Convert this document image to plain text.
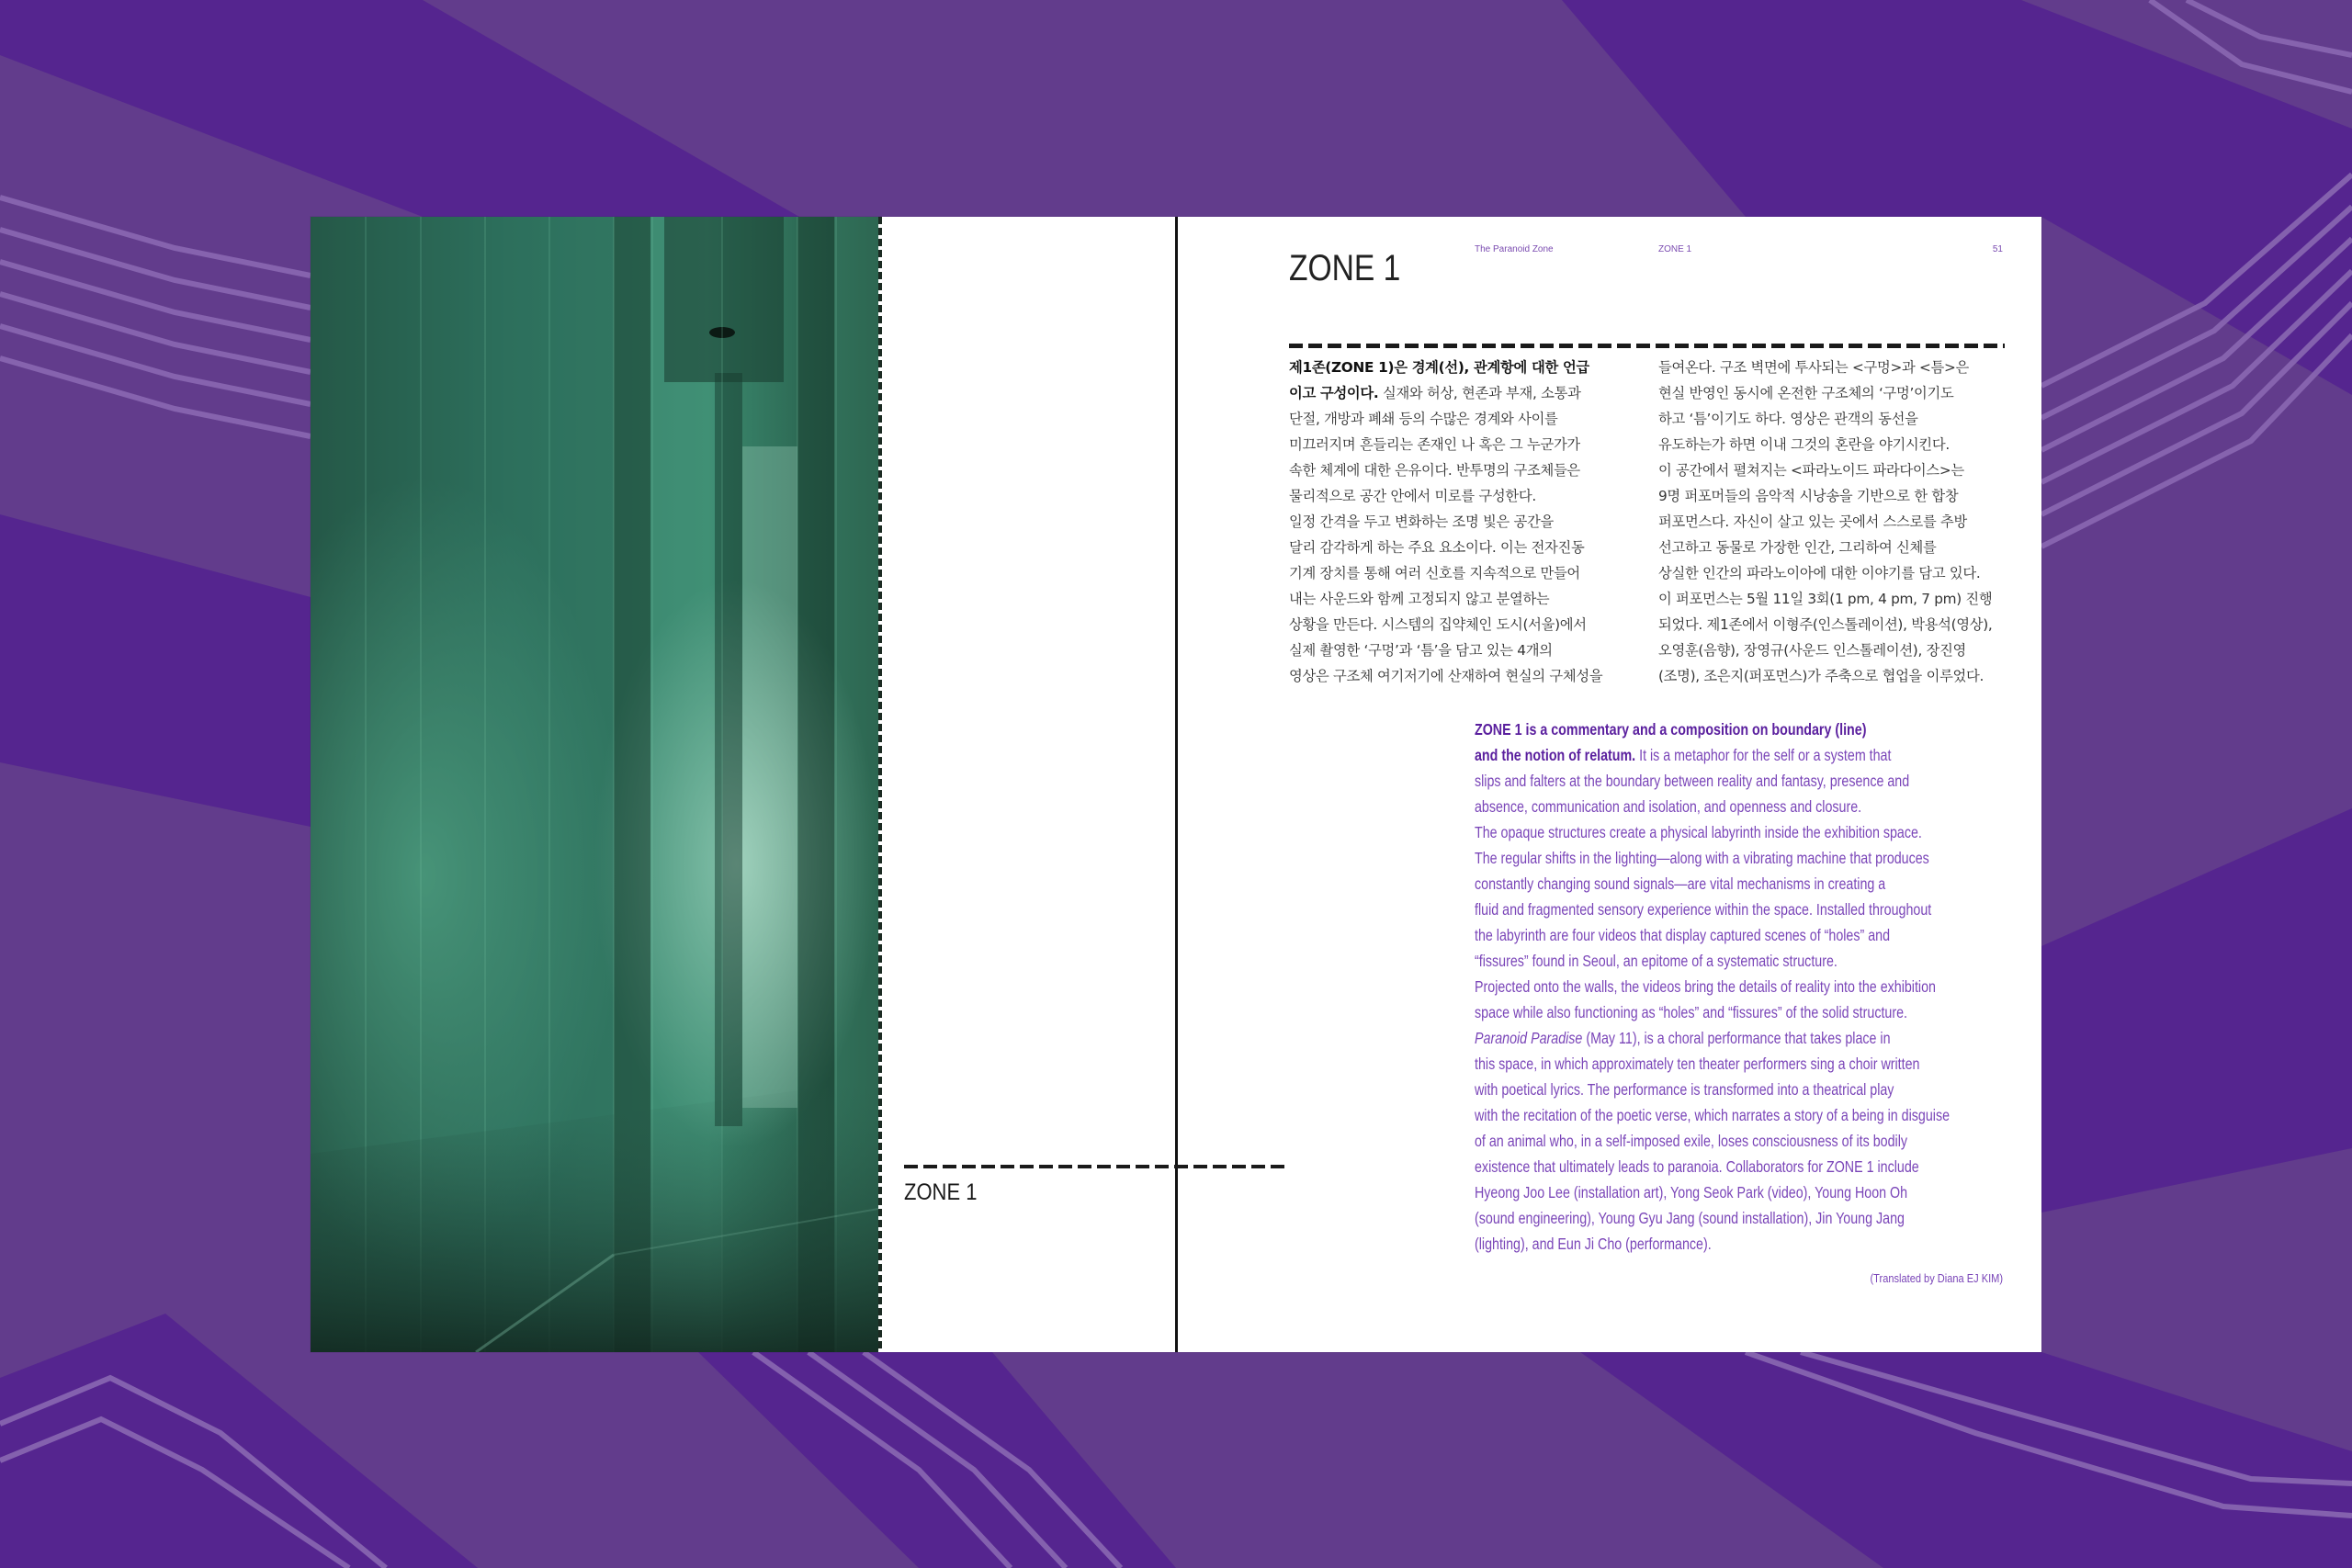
ZONE 1
The Paranoid Zone	ZONE 1	51
ZONE 1
제1존(ZONE 1)은 경계(선), 관계항에 대한 언급
이고 구성이다. 실재와 허상, 현존과 부재, 소통과
단절, 개방과 폐쇄 등의 수많은 경계와 사이를
미끄러지며 흔들리는 존재인 나 혹은 그 누군가가
속한 체계에 대한 은유이다. 반투명의 구조체들은
물리적으로 공간 안에서 미로를 구성한다.
일정 간격을 두고 변화하는 조명 빛은 공간을
달리 감각하게 하는 주요 요소이다. 이는 전자진동
기계 장치를 통해 여러 신호를 지속적으로 만들어
내는 사운드와 함께 고정되지 않고 분열하는
상황을 만든다. 시스템의 집약체인 도시(서울)에서
실제 촬영한 ‘구멍’과 ‘틈’을 담고 있는 4개의
영상은 구조체 여기저기에 산재하여 현실의 구체성을
들여온다. 구조 벽면에 투사되는 <구멍>과 <틈>은
현실 반영인 동시에 온전한 구조체의 ‘구멍’이기도
하고 ‘틈’이기도 하다. 영상은 관객의 동선을
유도하는가 하면 이내 그것의 혼란을 야기시킨다.
이 공간에서 펼쳐지는 <파라노이드 파라다이스>는
9명 퍼포머들의 음악적 시낭송을 기반으로 한 합창
퍼포먼스다. 자신이 살고 있는 곳에서 스스로를 추방
선고하고 동물로 가장한 인간, 그리하여 신체를
상실한 인간의 파라노이아에 대한 이야기를 담고 있다.
이 퍼포먼스는 5월 11일 3회(1 pm, 4 pm, 7 pm) 진행
되었다. 제1존에서 이형주(인스톨레이션), 박용석(영상),
오영훈(음향), 장영규(사운드 인스톨레이션), 장진영
(조명), 조은지(퍼포먼스)가 주축으로 협업을 이루었다.
ZONE 1 is a commentary and a composition on boundary (line)
and the notion of relatum. It is a metaphor for the self or a system that
slips and falters at the boundary between reality and fantasy, presence and
absence, communication and isolation, and openness and closure.
The opaque structures create a physical labyrinth inside the exhibition space.
The regular shifts in the lighting—along with a vibrating machine that produces
constantly changing sound signals—are vital mechanisms in creating a
fluid and fragmented sensory experience within the space. Installed throughout
the labyrinth are four videos that display captured scenes of “holes” and
“fissures” found in Seoul, an epitome of a systematic structure.
Projected onto the walls, the videos bring the details of reality into the exhibition
space while also functioning as “holes” and “fissures” of the solid structure.
Paranoid Paradise (May 11), is a choral performance that takes place in
this space, in which approximately ten theater performers sing a choir written
with poetical lyrics. The performance is transformed into a theatrical play
with the recitation of the poetic verse, which narrates a story of a being in disguise
of an animal who, in a self-imposed exile, loses consciousness of its bodily
existence that ultimately leads to paranoia. Collaborators for ZONE 1 include
Hyeong Joo Lee (installation art), Yong Seok Park (video), Young Hoon Oh
(sound engineering), Young Gyu Jang (sound installation), Jin Young Jang
(lighting), and Eun Ji Cho (performance).
(Translated by Diana EJ KIM)
